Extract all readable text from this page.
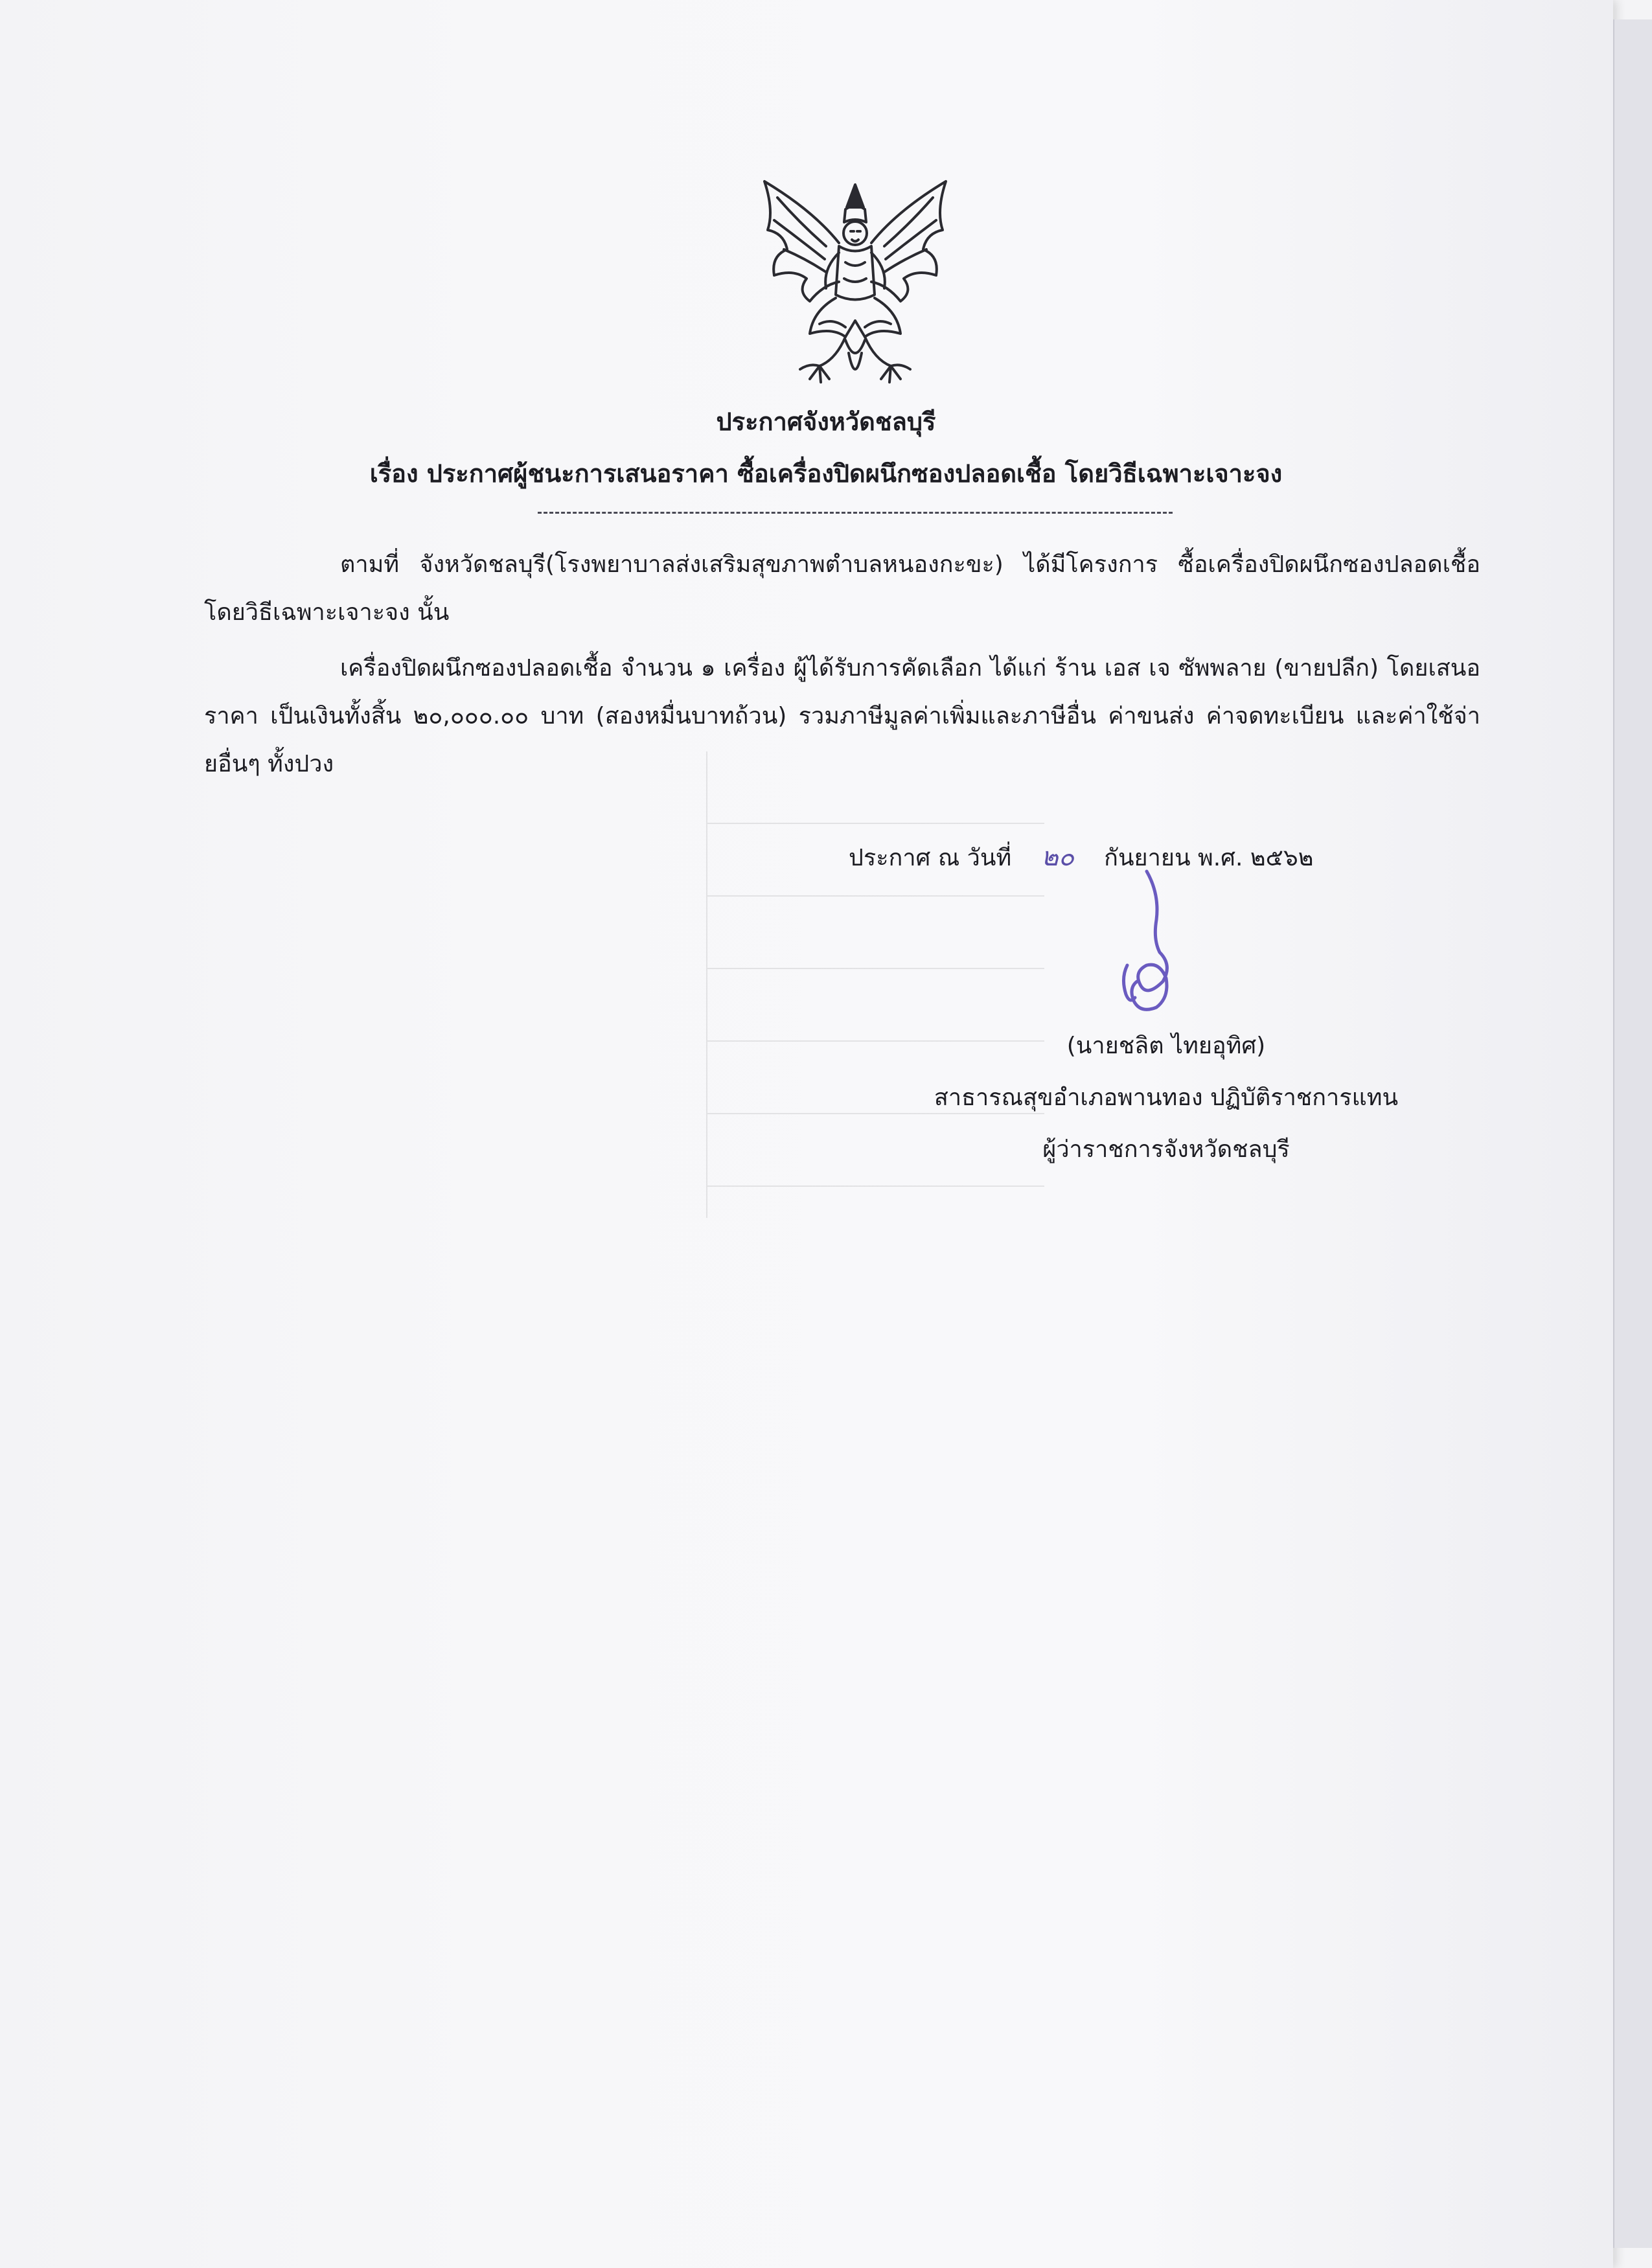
ประกาศจังหวัดชลบุรี
เรื่อง ประกาศผู้ชนะการเสนอราคา ซื้อเครื่องปิดผนึกซองปลอดเชื้อ โดยวิธีเฉพาะเจาะจง
ตามที่ จังหวัดชลบุรี(โรงพยาบาลส่งเสริมสุขภาพตำบลหนองกะขะ) ได้มีโครงการ ซื้อเครื่องปิดผนึกซองปลอดเชื้อ โดยวิธีเฉพาะเจาะจง นั้น
เครื่องปิดผนึกซองปลอดเชื้อ จำนวน ๑ เครื่อง ผู้ได้รับการคัดเลือก ได้แก่ ร้าน เอส เจ ซัพพลาย (ขายปลีก) โดยเสนอราคา เป็นเงินทั้งสิ้น ๒๐,๐๐๐.๐๐ บาท (สองหมื่นบาทถ้วน) รวมภาษีมูลค่าเพิ่มและภาษีอื่น ค่าขนส่ง ค่าจดทะเบียน และค่าใช้จ่ายอื่นๆ ทั้งปวง
ประกาศ ณ วันที่ ๒๐ กันยายน พ.ศ. ๒๕๖๒
(นายชลิต ไทยอุทิศ)
สาธารณสุขอำเภอพานทอง ปฏิบัติราชการแทน
ผู้ว่าราชการจังหวัดชลบุรี
